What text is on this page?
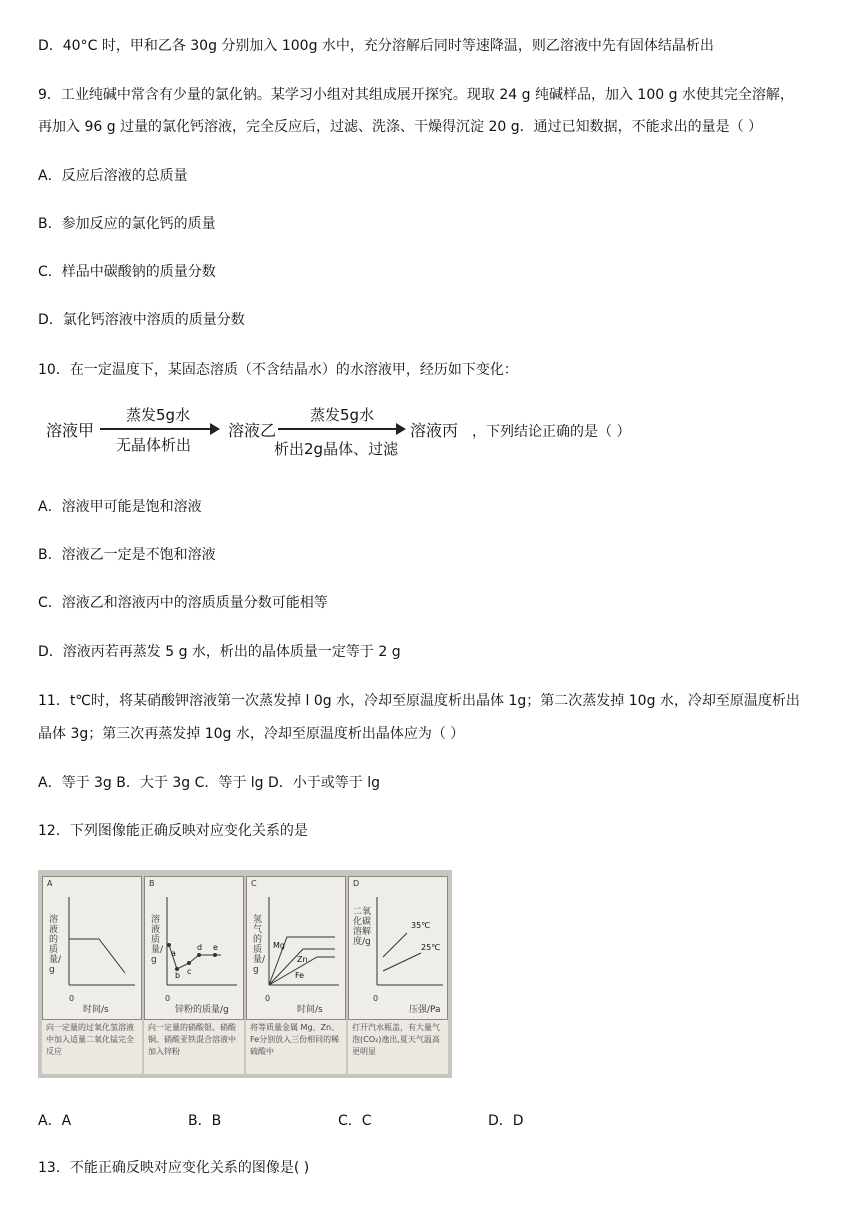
D．40°C 时，甲和乙各 30g 分别加入 100g 水中，充分溶解后同时等速降温，则乙溶液中先有固体结晶析出
9．工业纯碱中常含有少量的氯化钠。某学习小组对其组成展开探究。现取 24 g 纯碱样品，加入 100 g 水使其完全溶解，
再加入 96 g 过量的氯化钙溶液，完全反应后，过滤、洗涤、干燥得沉淀 20 g．通过已知数据，不能求出的量是（ ）
A．反应后溶液的总质量
B．参加反应的氯化钙的质量
C．样品中碳酸钠的质量分数
D．氯化钙溶液中溶质的质量分数
10．在一定温度下，某固态溶质（不含结晶水）的水溶液甲，经历如下变化：
溶液甲
蒸发5g水
无晶体析出
溶液乙
蒸发5g水
析出2g晶体、过滤
溶液丙 ，下列结论正确的是（ ）
A．溶液甲可能是饱和溶液
B．溶液乙一定是不饱和溶液
C．溶液乙和溶液丙中的溶质质量分数可能相等
D．溶液丙若再蒸发 5 g 水，析出的晶体质量一定等于 2 g
11．t℃时，将某硝酸钾溶液第一次蒸发掉 l 0g 水，冷却至原温度析出晶体 1g；第二次蒸发掉 10g 水，冷却至原温度析出
晶体 3g；第三次再蒸发掉 10g 水，冷却至原温度析出晶体应为（ ）
A．等于 3g B．大于 3g C．等于 lg D．小于或等于 lg
12．下列图像能正确反映对应变化关系的是
A
溶液的质量/g
0
时间/s
B
溶液质量/g
a
b c
d e
0
锌粉的质量/g
C
氢气的质量/g
Mg
Zn
Fe
0
时间/s
D
二氧化碳溶解度/g
35℃
25℃
0
压强/Pa
向一定量的过氧化氢溶液中加入适量二氧化锰完全反应
向一定量的硝酸银、硝酸铜、硝酸亚铁混合溶液中加入锌粉
将等质量金属 Mg、Zn、Fe分别放入三份相同的稀硫酸中
打开汽水瓶盖，有大量气泡(CO₂)逸出,夏天气温高更明显
A．A	B．B	C．C	D．D
13．不能正确反映对应变化关系的图像是( )
